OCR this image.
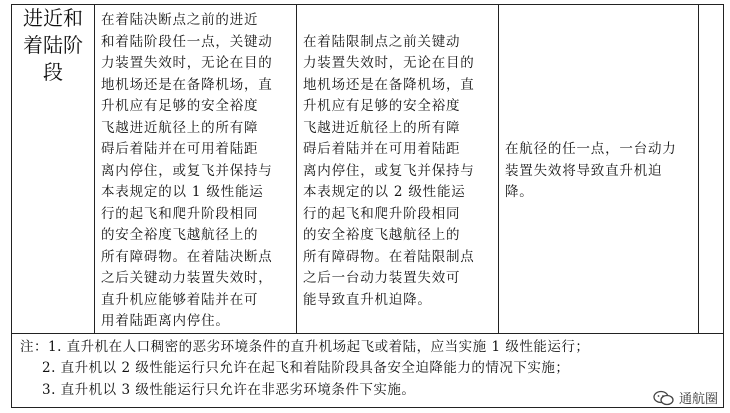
进近和
着陆阶
段

在着陆决断点之前的进近
和着陆阶段任一点，关键动
力装置失效时，无论在目的
地机场还是在备降机场，直
升机应有足够的安全裕度
飞越进近航径上的所有障
碍后着陆并在可用着陆距
离内停住，或复飞并保持与
本表规定的以 1 级性能运
行的起飞和爬升阶段相同
的安全裕度飞越航径上的
所有障碍物。在着陆决断点
之后关键动力装置失效时，
直升机应能够着陆并在可
用着陆距离内停住。

在着陆限制点之前关键动
力装置失效时，无论在目的
地机场还是在备降机场，直
升机应有足够的安全裕度
飞越进近航径上的所有障
碍后着陆并在可用着陆距
离内停住，或复飞并保持与
本表规定的以 2 级性能运
行的起飞和爬升阶段相同
的安全裕度飞越航径上的
所有障碍物。在着陆限制点
之后一台动力装置失效可
能导致直升机迫降。

在航径的任一点，一台动力
装置失效将导致直升机迫
降。

注：1. 直升机在人口稠密的恶劣环境条件的直升机场起飞或着陆，应当实施 1 级性能运行；
2. 直升机以 2 级性能运行只允许在起飞和着陆阶段具备安全迫降能力的情况下实施；
3. 直升机以 3 级性能运行只允许在非恶劣环境条件下实施。
通航圈
